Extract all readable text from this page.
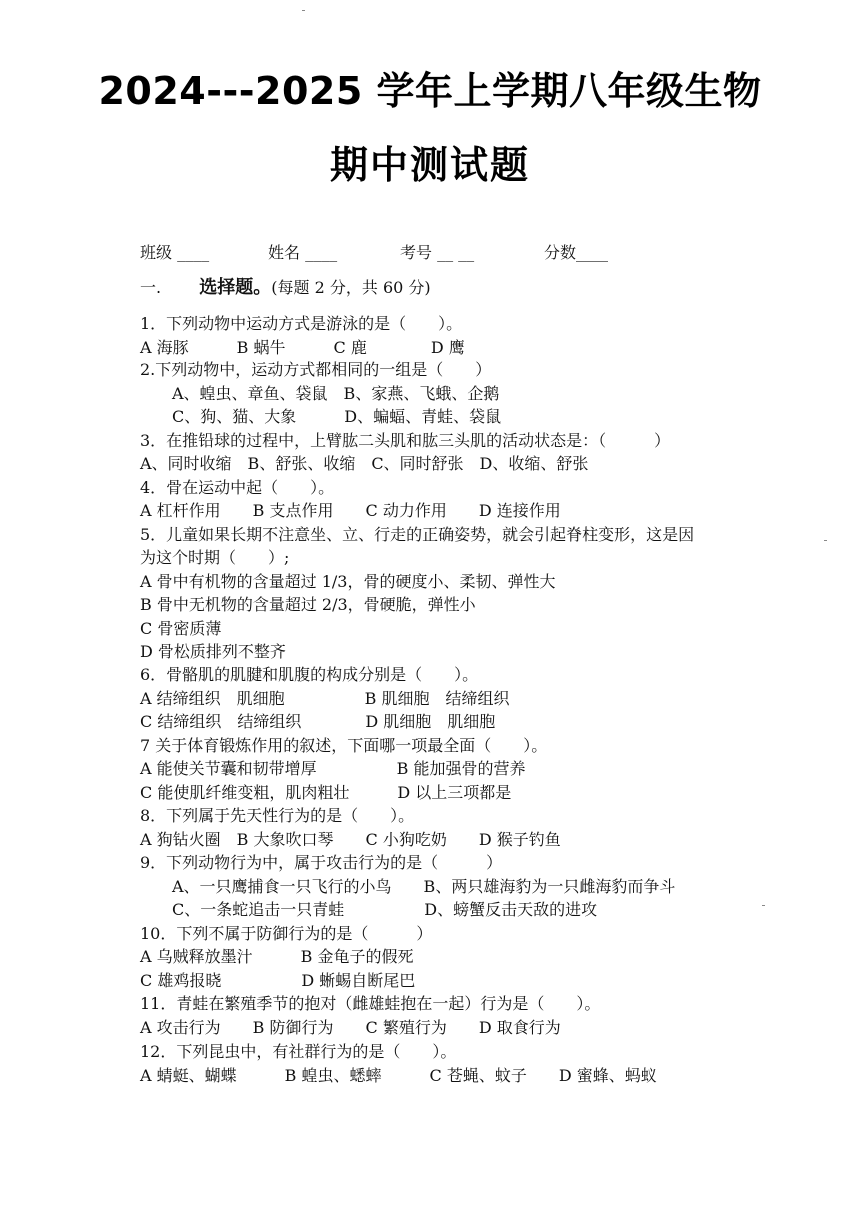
2024---2025 学年上学期八年级生物
期中测试题
班级 ____	姓名 ____	考号 __ __	分数____
一. 选择题。(每题 2 分，共 60 分)
1．下列动物中运动方式是游泳的是（　　）。
A 海豚　　　B 蜗牛　　　C 鹿　　　　D 鹰
2.下列动物中，运动方式都相同的一组是（　　）
　　A、蝗虫、章鱼、袋鼠　B、家燕、飞蛾、企鹅
　　C、狗、猫、大象　　　D、蝙蝠、青蛙、袋鼠
3．在推铅球的过程中，上臂肱二头肌和肱三头肌的活动状态是：（　　　）
A、同时收缩　B、舒张、收缩　C、同时舒张　D、收缩、舒张
4．骨在运动中起（　　）。
A 杠杆作用　　B 支点作用　　C 动力作用　　D 连接作用
5．儿童如果长期不注意坐、立、行走的正确姿势，就会引起脊柱变形，这是因
为这个时期（　　）;
A 骨中有机物的含量超过 1/3，骨的硬度小、柔韧、弹性大
B 骨中无机物的含量超过 2/3，骨硬脆，弹性小
C 骨密质薄
D 骨松质排列不整齐
6．骨骼肌的肌腱和肌腹的构成分别是（　　）。
A 结缔组织　肌细胞　　　　　B 肌细胞　结缔组织
C 结缔组织　结缔组织　　　　D 肌细胞　肌细胞
7 关于体育锻炼作用的叙述，下面哪一项最全面（　　）。
A 能使关节囊和韧带增厚　　　　　B 能加强骨的营养
C 能使肌纤维变粗，肌肉粗壮　　　D 以上三项都是
8．下列属于先天性行为的是（　　）。
A 狗钻火圈　B 大象吹口琴　　C 小狗吃奶　　D 猴子钓鱼
9．下列动物行为中，属于攻击行为的是（　　　）
　　A、一只鹰捕食一只飞行的小鸟　　B、两只雄海豹为一只雌海豹而争斗
　　C、一条蛇追击一只青蛙　　　　　D、螃蟹反击天敌的进攻
10．下列不属于防御行为的是（　　　）
A 乌贼释放墨汁　　　B 金龟子的假死
C 雄鸡报晓　　　　　D 蜥蜴自断尾巴
11．青蛙在繁殖季节的抱对（雌雄蛙抱在一起）行为是（　　）。
A 攻击行为　　B 防御行为　　C 繁殖行为　　D 取食行为
12．下列昆虫中，有社群行为的是（　　）。
A 蜻蜓、蝴蝶　　　B 蝗虫、蟋蟀　　　C 苍蝇、蚊子　　D 蜜蜂、蚂蚁
